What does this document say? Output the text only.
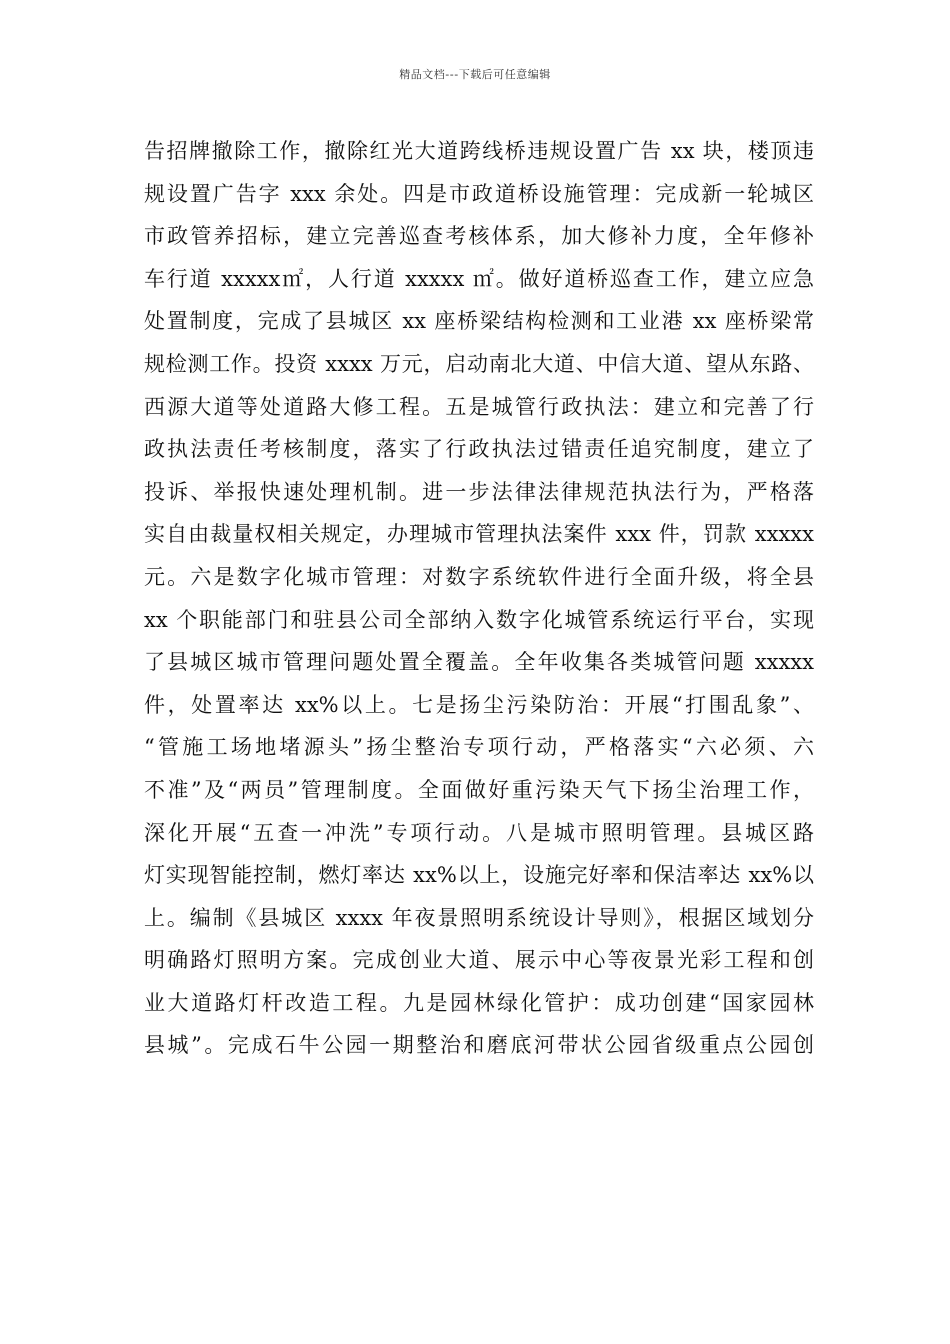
精品文档---下载后可任意编辑
告招牌撤除工作，撤除红光大道跨线桥违规设置广告 xx 块，楼顶违
规设置广告字 xxx 余处。四是市政道桥设施管理：完成新一轮城区
市政管养招标，建立完善巡查考核体系，加大修补力度，全年修补
车行道 xxxxx㎡，人行道 xxxxx ㎡。做好道桥巡查工作，建立应急
处置制度，完成了县城区 xx 座桥梁结构检测和工业港 xx 座桥梁常
规检测工作。投资 xxxx 万元，启动南北大道、中信大道、望从东路、
西源大道等处道路大修工程。五是城管行政执法：建立和完善了行
政执法责任考核制度，落实了行政执法过错责任追究制度，建立了
投诉、举报快速处理机制。进一步法律法律规范执法行为，严格落
实自由裁量权相关规定，办理城市管理执法案件 xxx 件，罚款 xxxxx
元。六是数字化城市管理：对数字系统软件进行全面升级，将全县
xx 个职能部门和驻县公司全部纳入数字化城管系统运行平台，实现
了县城区城市管理问题处置全覆盖。全年收集各类城管问题 xxxxx
件，处置率达 xx%以上。七是扬尘污染防治：开展“打围乱象”、
“管施工场地堵源头”扬尘整治专项行动，严格落实“六必须、六
不准”及“两员”管理制度。全面做好重污染天气下扬尘治理工作，
深化开展“五查一冲洗”专项行动。八是城市照明管理。县城区路
灯实现智能控制，燃灯率达 xx%以上，设施完好率和保洁率达 xx%以
上。编制《县城区 xxxx 年夜景照明系统设计导则》，根据区域划分
明确路灯照明方案。完成创业大道、展示中心等夜景光彩工程和创
业大道路灯杆改造工程。九是园林绿化管护：成功创建“国家园林
县城”。完成石牛公园一期整治和磨底河带状公园省级重点公园创
